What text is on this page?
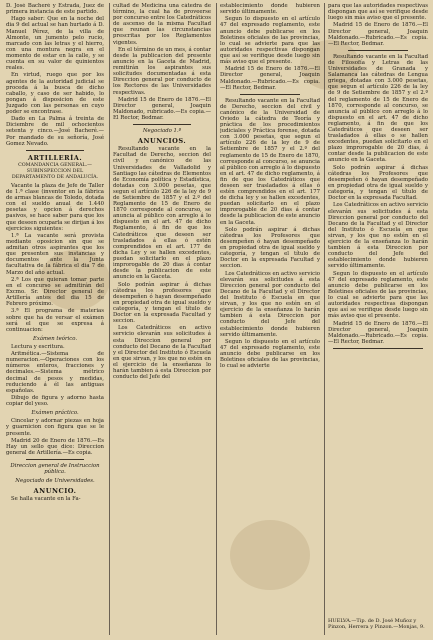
D. José Bacheré y Estrada, Juez de primera instancia de este partido.

Hago saber: Que en la noche del dia 9 del actual se han hurtado á D. Manuel Pérez, de la villa de Almonte, un jumento pelo rucio, marcado con las letras y el hierro, con una montura negra en el momento de estar en la calle, y se cuenta en su valor de quinientos reales.

En virtud, ruego que por los agentes de la autoridad judicial se proceda á la busca de dicho caballo, y caso de ser habido, lo pongan á disposicion de este Juzgado con las personas en cuyo poder se encontrase.

Dado en La Palma á treinta de Diciembre de mil ochocientos setenta y cinco.—José Bacheré.—Por mandado de su señoría, José Gomez Nevado.

ARTILLERÍA.

COMANDANCIA GENERAL.—SUBINSPECCION DEL DEPARTAMENTO DE ANDALUCÍA.

Vacante la plaza de Jefe de Taller de 1.ª clase (inventor en la fábrica de armas blancas de Toledo, dotada con el sueldo anual de 1.440 pesetas y opcion á derechos pasivos, se hace saber para que los que deseen ocuparla se dirijan á los ejercicios siguientes:

1.ª La vacante será provista mediante oposicion sin que se admitan otros aspirantes que los que presenten sus instancias y documentos ante la Junta facultativa de la fábrica el dia 7 de Marzo del año actual.

2.ª Los que quieran tomar parte en el concurso se admitirán del Excmo. Sr. Director general de Artillería antes del dia 15 de Febrero próximo.

3.ª El programa de materias sobre que ha de versar el exámen será el que se expresa á continuacion:

Exámen teórico.

Lectura y escritura.

Aritmética.—Sistema de numeracion.—Operaciones con los números enteros, fracciones y decimales.—Sistema métrico decimal de pesos y medidas, reduciendo á él las antiguas españolas.

Dibujo de figura y adorno hasta copiar del yeso.

Exámen práctico.

Cincelar y adornar piezas en hoja y guarnicion con figura que se le presente.

Madrid 20 de Enero de 1876.—Es Hay un sello que dice: Direccion general de Artillería.—Es copia.

Direccion general de Instruccion pública.

Negociado de Universidades.

ANUNCIO.

Se halla vacante en la Fa-

cultad de Medicina una cátedra de término, la cual ha de proveerse por concurso entre los Catedráticos de ascenso de la misma Facultad que reunan las circunstancias prescritas por los Reglamentos vigentes.

En el término de un mes, á contar desde la publicacion del presente anuncio en la Gaceta de Madrid, remitirán los aspirantes sus solicitudes documentadas á esta Direccion general por conducto de los Rectores de las Universidades respectivas.

Madrid 15 de Enero de 1876.—El Director general, Joaquin Maldonado, rubricado.—Es copia.—El Rector, Bedmar.

Negociado 1.º

ANUNCIOS.

Resultando vacante en la Facultad de Derecho, seccion del civil y canónico de las Universidades de Valladolid y Santiago las cátedras de Elementos de Economía política y Estadística, dotadas con 3.000 pesetas, que segun el artículo 226 de la ley de 9 de Setiembre de 1857 y el 2.º del Reglamento de 15 de Enero de 1870 corresponde al concurso, se anuncia al público con arreglo á lo dispuesto en el art. 47 de dicho Reglamento, á fin de que los Catedráticos que deseen ser trasladados á ellas ó estén comprendidos en el art. 177 de dicha Ley y se hallen excedentes, puedan solicitarlo en el plazo improrogable de 20 dias á contar desde la publicacion de este anuncio en la Gaceta.

Solo podrán aspirar á dichas cátedras los profesores que desempeñen ó hayan desempeñado en propiedad otra de igual sueldo y categoría, y tengan el título de Doctor en la expresada Facultad y seccion.

Los Catedráticos en activo servicio elevarán sus solicitudes á esta Direccion general por conducto del Decano de la Facultad y el Director del Instituto ó Escuela en que sirvan, y los que no estén en el ejercicio de la enseñanza lo harán tambien á esta Direccion por conducto del Jefe del

establecimiento donde hubieren servido últimamente.

Segun lo dispuesto en el artículo 47 del expresado reglamento, este anuncio debe publicarse en los Boletines oficiales de las provincias, lo cual se advierte para que las autoridades respectivas dispongan que así se verifique desde luego sin más aviso que el presente.

Madrid 15 de Enero de 1876.—El Director general, Joaquin Maldonado.—Rubricado.—Es copia.—El Rector, Bedmar.

Resultando vacante en la Facultad de Derecho, seccion del civil y canónico de la Universidad de Oviedo la cátedra de Teoría y práctica de los procedimientos judiciales y Práctica forense, dotada con 3.000 pesetas, que segun el artículo 226 de la ley de 9 de Setiembre de 1857 y el 2.º del reglamento de 15 de Enero de 1870, corresponde al concurso, se anuncia al público con arreglo á lo dispuesto en el art. 47 de dicho reglamento, á fin de que los Catedráticos que deseen ser trasladados á ellas ó estén comprendidos en el art. 177 de dicha ley y se hallen excedentes, puedan solicitarlo en el plazo improrogable de 20 dias á contar desde la publicacion de este anuncio en la Gaceta.

Solo podrán aspirar á dichas cátedras los Profesores que desempeñen ó hayan desempeñado en propiedad otra de igual sueldo y categoría, y tengan el título de Doctor en la expresada Facultad y seccion.

Los Catedráticos en activo servicio elevarán sus solicitudes á esta Direccion general por conducto del Decano de la Facultad y el Director del Instituto ó Escuela en que sirvan, y los que no estén en el ejercicio de la enseñanza lo harán tambien á esta Direccion por conducto del Jefe del establecimiento donde hubieren servido últimamente.

Segun lo dispuesto en el artículo 47 del expresado reglamento, este anuncio debe publicarse en los Boletines oficiales de las provincias, lo cual se advierte

para que las autoridades respectivas dispongan que así se verifique desde luego sin más aviso que el presente.

Madrid 15 de Enero de 1876.—El Director general, Joaquin Maldonado.—Rubricado.—Es copia.—El Rector, Bedmar.

Resultando vacante en la Facultad de Filosofía y Letras de las Universidades de Granada y Salamanca las cátedras de Lengua griega, dotadas con 3.000 pesetas, que segun el artículo 226 de la ley de 9 de Setiembre de 1857 y el 2.º del reglamento de 15 de Enero de 1870, corresponde al concurso, se anuncia al público con arreglo á lo dispuesto en el art. 47 de dicho reglamento, á fin de que los Catedráticos que deseen ser trasladados á ellas o se hallen excedentes, puedan solicitarlo en el plazo improrogable de 20 dias, á contar desde la publicacion de este anuncio en la Gaceta.

Solo podrán aspirar á dichas cátedras los Profesores que desempeñen ó hayan desempeñado en propiedad otra de igual sueldo y categoría, y tengan el título de Doctor en la expresada Facultad.

Los Catedráticos en activo servicio elevarán sus solicitudes á esta Direccion general por conducto del Decano de la Facultad y el Director del Instituto ó Escuela en que sirvan, y los que no estén en el ejercicio de la enseñanza lo harán tambien á esta Direccion por conducto del Jefe del establecimiento donde hubieren servido últimamente.

Segun lo dispuesto en el artículo 47 del expresado reglamento, este anuncio debe publicarse en los Boletines oficiales de las provincias, lo cual se advierte para que las autoridades respectivas dispongan que así se verifique desde luego sin más aviso que el presente.

Madrid 15 de Enero de 1876.—El Director general, Joaquin Maldonado.—Rubricado.—Es copia.—El Rector, Bedmar.

HUELVA.—Tip. de D. José Muñoz y Pinzon, Herrera y Pinzon.—Monjas, 9.
